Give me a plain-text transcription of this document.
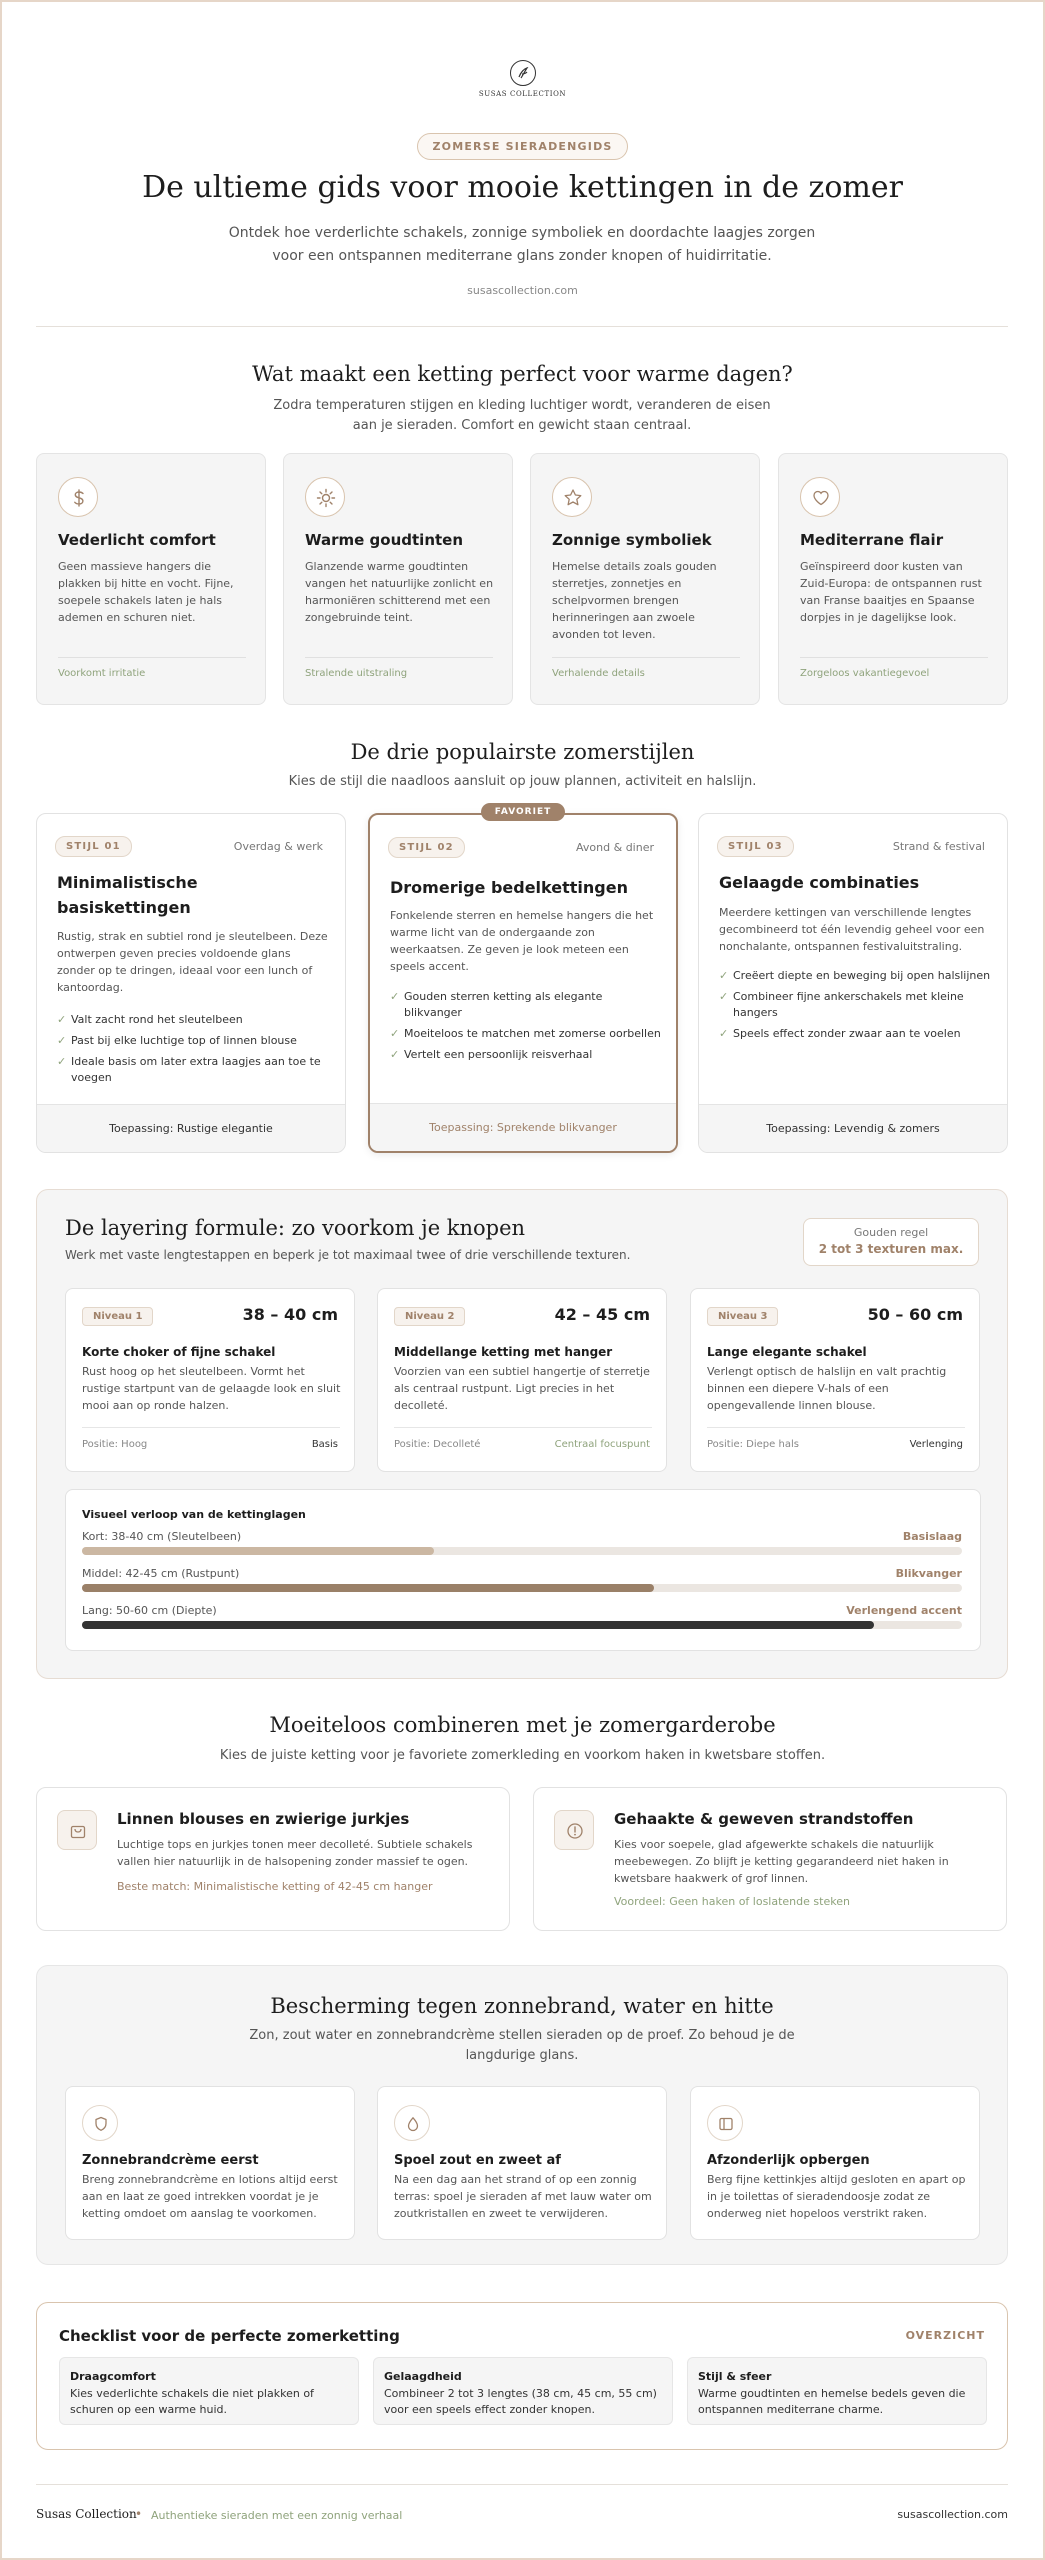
SUSAS COLLECTION
ZOMERSE SIERADENGIDS
De ultieme gids voor mooie kettingen in de zomer
Ontdek hoe verderlichte schakels, zonnige symboliek en doordachte laagjes zorgen voor een ontspannen mediterrane glans zonder knopen of huidirritatie.
susascollection.com
Wat maakt een ketting perfect voor warme dagen?
Zodra temperaturen stijgen en kleding luchtiger wordt, veranderen de eisen aan je sieraden. Comfort en gewicht staan centraal.
Vederlicht comfort
Geen massieve hangers die plakken bij hitte en vocht. Fijne, soepele schakels laten je hals ademen en schuren niet.
Voorkomt irritatie
Warme goudtinten
Glanzende warme goudtinten vangen het natuurlijke zonlicht en harmoniëren schitterend met een zongebruinde teint.
Stralende uitstraling
Zonnige symboliek
Hemelse details zoals gouden sterretjes, zonnetjes en schelpvormen brengen herinneringen aan zwoele avonden tot leven.
Verhalende details
Mediterrane flair
Geïnspireerd door kusten van Zuid-Europa: de ontspannen rust van Franse baaitjes en Spaanse dorpjes in je dagelijkse look.
Zorgeloos vakantiegevoel
De drie populairste zomerstijlen
Kies de stijl die naadloos aansluit op jouw plannen, activiteit en halslijn.
STIJL 01	Overdag & werk
Minimalistische basiskettingen
Rustig, strak en subtiel rond je sleutelbeen. Deze ontwerpen geven precies voldoende glans zonder op te dringen, ideaal voor een lunch of kantoordag.
✓ Valt zacht rond het sleutelbeen
✓ Past bij elke luchtige top of linnen blouse
✓ Ideale basis om later extra laagjes aan toe te voegen
Toepassing: Rustige elegantie
FAVORIET
STIJL 02	Avond & diner
Dromerige bedelkettingen
Fonkelende sterren en hemelse hangers die het warme licht van de ondergaande zon weerkaatsen. Ze geven je look meteen een speels accent.
✓ Gouden sterren ketting als elegante blikvanger
✓ Moeiteloos te matchen met zomerse oorbellen
✓ Vertelt een persoonlijk reisverhaal
Toepassing: Sprekende blikvanger
STIJL 03	Strand & festival
Gelaagde combinaties
Meerdere kettingen van verschillende lengtes gecombineerd tot één levendig geheel voor een nonchalante, ontspannen festivaluitstraling.
✓ Creëert diepte en beweging bij open halslijnen
✓ Combineer fijne ankerschakels met kleine hangers
✓ Speels effect zonder zwaar aan te voelen
Toepassing: Levendig & zomers
De layering formule: zo voorkom je knopen
Werk met vaste lengtestappen en beperk je tot maximaal twee of drie verschillende texturen.
Gouden regel
2 tot 3 texturen max.
Niveau 1	38 – 40 cm
Korte choker of fijne schakel
Rust hoog op het sleutelbeen. Vormt het rustige startpunt van de gelaagde look en sluit mooi aan op ronde halzen.
Positie: Hoog	Basis
Niveau 2	42 – 45 cm
Middellange ketting met hanger
Voorzien van een subtiel hangertje of sterretje als centraal rustpunt. Ligt precies in het decolleté.
Positie: Decolleté	Centraal focuspunt
Niveau 3	50 – 60 cm
Lange elegante schakel
Verlengt optisch de halslijn en valt prachtig binnen een diepere V-hals of een opengevallende linnen blouse.
Positie: Diepe hals	Verlenging
Visueel verloop van de kettinglagen
Kort: 38-40 cm (Sleutelbeen)	Basislaag
Middel: 42-45 cm (Rustpunt)	Blikvanger
Lang: 50-60 cm (Diepte)	Verlengend accent
Moeiteloos combineren met je zomergarderobe
Kies de juiste ketting voor je favoriete zomerkleding en voorkom haken in kwetsbare stoffen.
Linnen blouses en zwierige jurkjes
Luchtige tops en jurkjes tonen meer decolleté. Subtiele schakels vallen hier natuurlijk in de halsopening zonder massief te ogen.
Beste match: Minimalistische ketting of 42-45 cm hanger
Gehaakte & geweven strandstoffen
Kies voor soepele, glad afgewerkte schakels die natuurlijk meebewegen. Zo blijft je ketting gegarandeerd niet haken in kwetsbare haakwerk of grof linnen.
Voordeel: Geen haken of loslatende steken
Bescherming tegen zonnebrand, water en hitte
Zon, zout water en zonnebrandcrème stellen sieraden op de proef. Zo behoud je de langdurige glans.
Zonnebrandcrème eerst
Breng zonnebrandcrème en lotions altijd eerst aan en laat ze goed intrekken voordat je je ketting omdoet om aanslag te voorkomen.
Spoel zout en zweet af
Na een dag aan het strand of op een zonnig terras: spoel je sieraden af met lauw water om zoutkristallen en zweet te verwijderen.
Afzonderlijk opbergen
Berg fijne kettinkjes altijd gesloten en apart op in je toilettas of sieradendoosje zodat ze onderweg niet hopeloos verstrikt raken.
Checklist voor de perfecte zomerketting	OVERZICHT
Draagcomfort
Kies vederlichte schakels die niet plakken of schuren op een warme huid.
Gelaagdheid
Combineer 2 tot 3 lengtes (38 cm, 45 cm, 55 cm) voor een speels effect zonder knopen.
Stijl & sfeer
Warme goudtinten en hemelse bedels geven die ontspannen mediterrane charme.
Susas Collection
• Authentieke sieraden met een zonnig verhaal	susascollection.com
